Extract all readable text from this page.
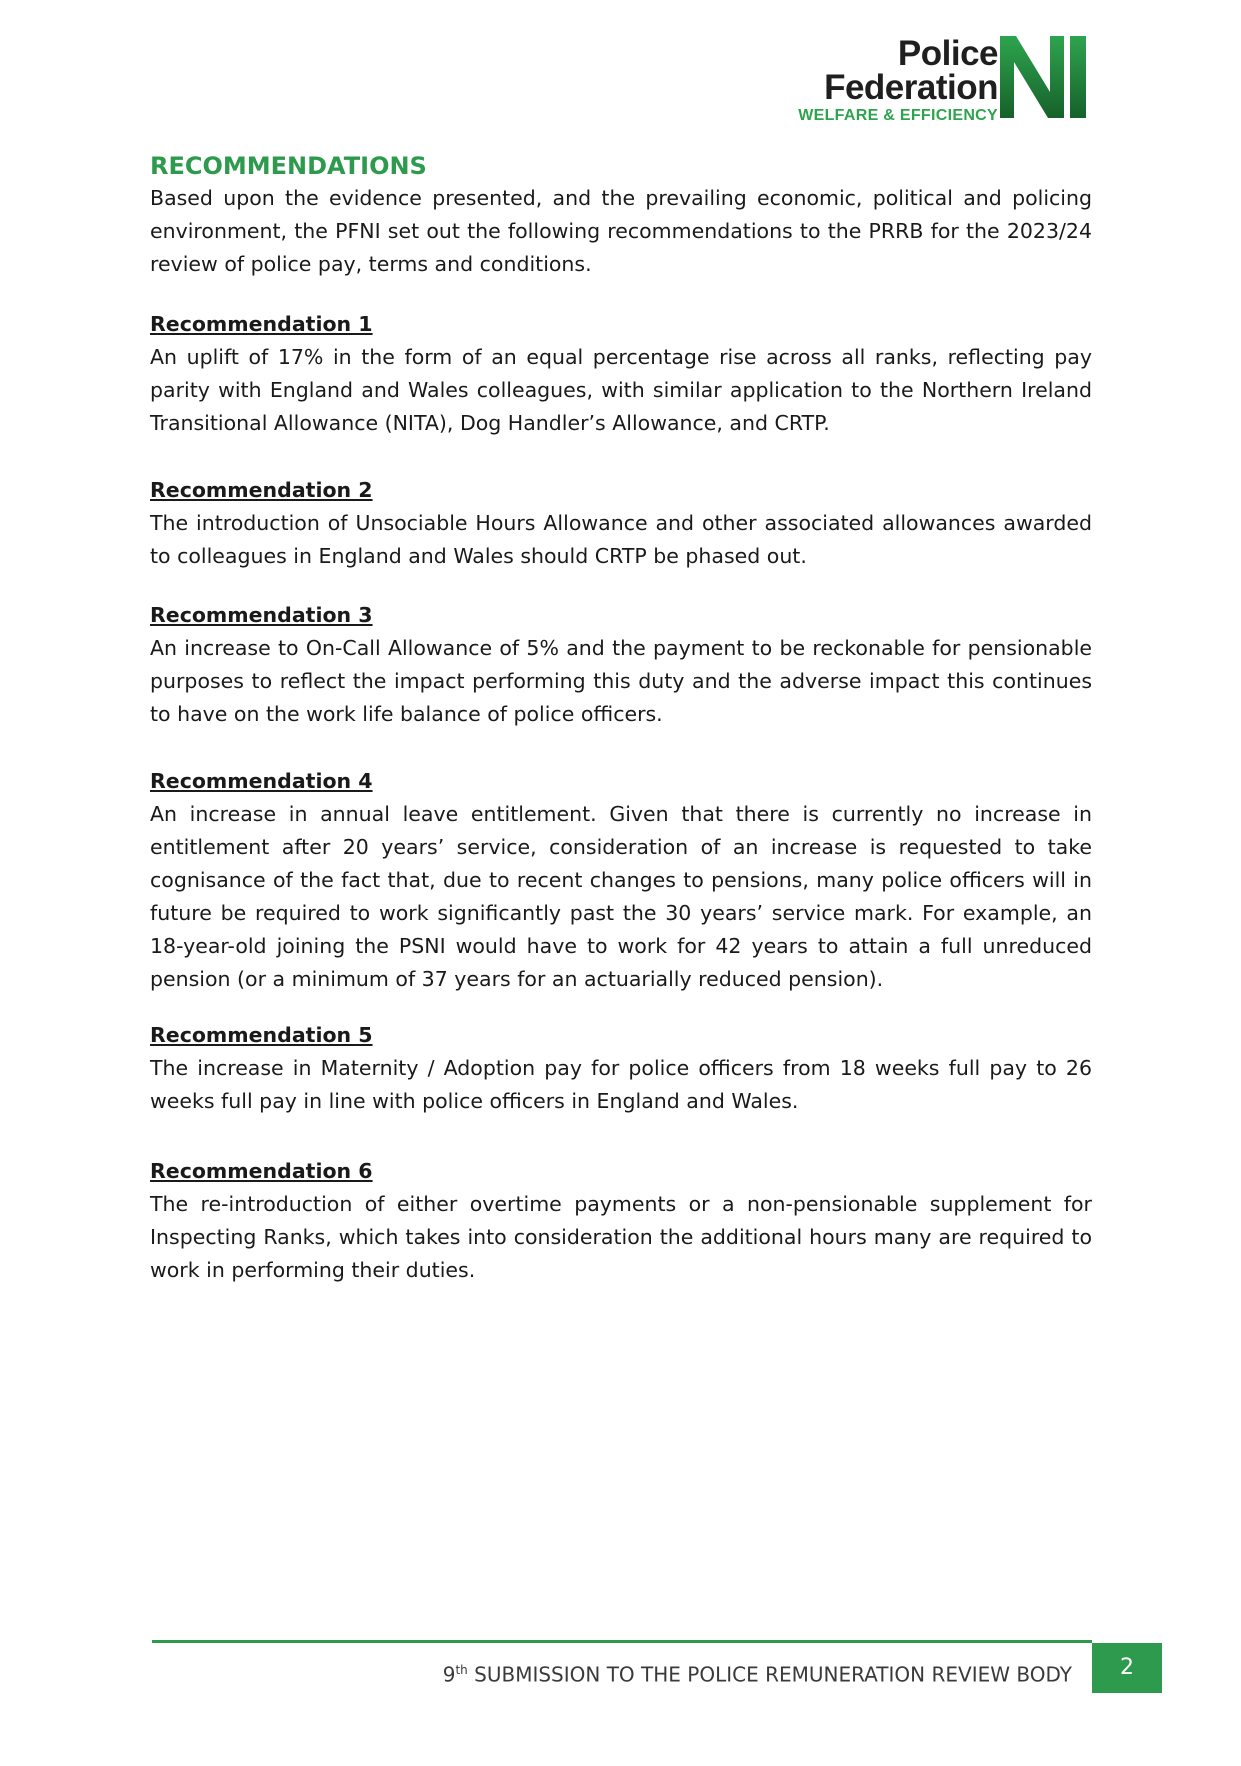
Police
Federation
WELFARE & EFFICIENCY
RECOMMENDATIONS

Based upon the evidence presented, and the prevailing economic, political and policing environment, the PFNI set out the following recommendations to the PRRB for the 2023/24 review of police pay, terms and conditions.

Recommendation 1

An uplift of 17% in the form of an equal percentage rise across all ranks, reflecting pay parity with England and Wales colleagues, with similar application to the Northern Ireland Transitional Allowance (NITA), Dog Handler’s Allowance, and CRTP.

Recommendation 2

The introduction of Unsociable Hours Allowance and other associated allowances awarded to colleagues in England and Wales should CRTP be phased out.

Recommendation 3

An increase to On-Call Allowance of 5% and the payment to be reckonable for pensionable purposes to reflect the impact performing this duty and the adverse impact this continues to have on the work life balance of police officers.

Recommendation 4

An increase in annual leave entitlement. Given that there is currently no increase in entitlement after 20 years’ service, consideration of an increase is requested to take cognisance of the fact that, due to recent changes to pensions, many police officers will in future be required to work significantly past the 30 years’ service mark. For example, an 18-year-old joining the PSNI would have to work for 42 years to attain a full unreduced pension (or a minimum of 37 years for an actuarially reduced pension).

Recommendation 5

The increase in Maternity / Adoption pay for police officers from 18 weeks full pay to 26 weeks full pay in line with police officers in England and Wales.

Recommendation 6

The re-introduction of either overtime payments or a non-pensionable supplement for Inspecting Ranks, which takes into consideration the additional hours many are required to work in performing their duties.

9th SUBMISSION TO THE POLICE REMUNERATION REVIEW BODY	2
